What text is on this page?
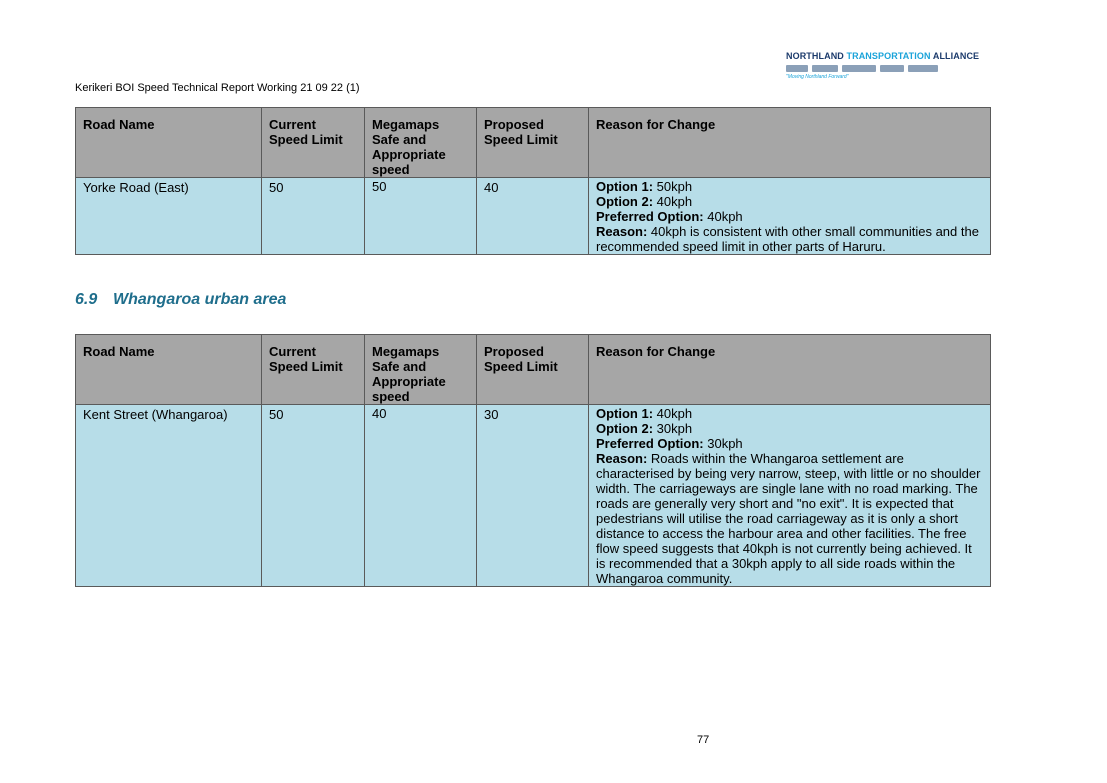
NORTHLAND TRANSPORTATION ALLIANCE
"Moving Northland Forward"
Kerikeri BOI Speed Technical Report Working 21 09 22 (1)
Road Name	Current Speed Limit	Megamaps Safe and Appropriate speed	Proposed Speed Limit	Reason for Change
Yorke Road (East)	50	50	40	Option 1: 50kph
Option 2: 40kph
Preferred Option: 40kph
Reason: 40kph is consistent with other small communities and the recommended speed limit in other parts of Haruru.
6.9 Whangaroa urban area
Road Name	Current Speed Limit	Megamaps Safe and Appropriate speed	Proposed Speed Limit	Reason for Change
Kent Street (Whangaroa)	50	40	30	Option 1: 40kph
Option 2: 30kph
Preferred Option: 30kph
Reason: Roads within the Whangaroa settlement are characterised by being very narrow, steep, with little or no shoulder width. The carriageways are single lane with no road marking. The roads are generally very short and "no exit". It is expected that pedestrians will utilise the road carriageway as it is only a short distance to access the harbour area and other facilities. The free flow speed suggests that 40kph is not currently being achieved. It is recommended that a 30kph apply to all side roads within the Whangaroa community.
77
